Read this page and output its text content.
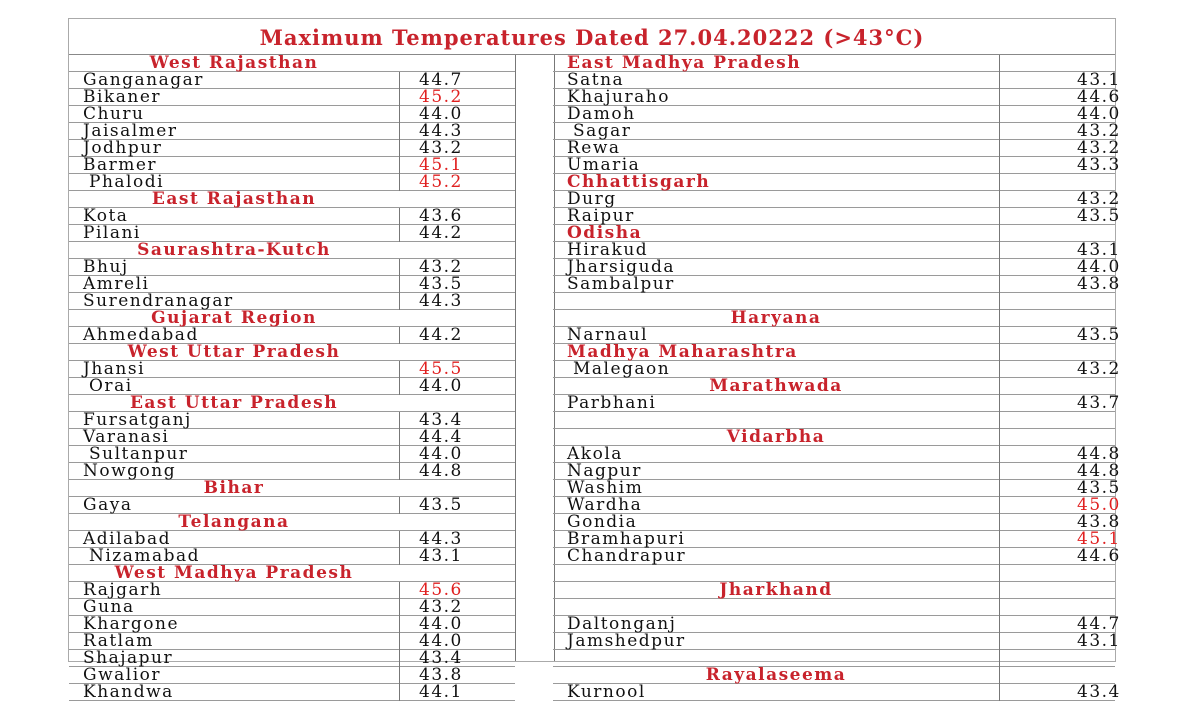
Maximum Temperatures Dated 27.04.20222 (>43°C)
West Rajasthan
Ganganagar	44.7
Bikaner	45.2
Churu	44.0
Jaisalmer	44.3
Jodhpur	43.2
Barmer	45.1
Phalodi	45.2
East Rajasthan
Kota	43.6
Pilani	44.2
Saurashtra-Kutch
Bhuj	43.2
Amreli	43.5
Surendranagar	44.3
Gujarat Region
Ahmedabad	44.2
West Uttar Pradesh
Jhansi	45.5
Orai	44.0
East Uttar Pradesh
Fursatganj	43.4
Varanasi	44.4
Sultanpur	44.0
Nowgong	44.8
Bihar
Gaya	43.5
Telangana
Adilabad	44.3
Nizamabad	43.1
West Madhya Pradesh
Rajgarh	45.6
Guna	43.2
Khargone	44.0
Ratlam	44.0
Shajapur	43.4
Gwalior	43.8
Khandwa	44.1
East Madhya Pradesh
Satna	43.1
Khajuraho	44.6
Damoh	44.0
Sagar	43.2
Rewa	43.2
Umaria	43.3
Chhattisgarh
Durg	43.2
Raipur	43.5
Odisha
Hirakud	43.1
Jharsiguda	44.0
Sambalpur	43.8
Haryana
Narnaul	43.5
Madhya Maharashtra
Malegaon	43.2
Marathwada
Parbhani	43.7
Vidarbha
Akola	44.8
Nagpur	44.8
Washim	43.5
Wardha	45.0
Gondia	43.8
Bramhapuri	45.1
Chandrapur	44.6
Jharkhand
Daltonganj	44.7
Jamshedpur	43.1
Rayalaseema
Kurnool	43.4
